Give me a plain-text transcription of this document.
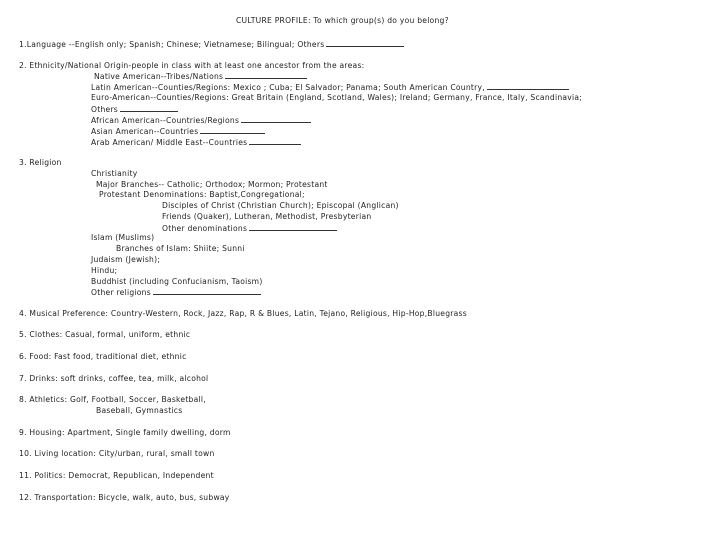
CULTURE PROFILE: To which group(s) do you belong?
1.Language --English only; Spanish; Chinese; Vietnamese; Bilingual; Others
2. Ethnicity/National Origin-people in class with at least one ancestor from the areas:
Native American--Tribes/Nations
Latin American--Counties/Regions: Mexico ; Cuba; El Salvador; Panama; South American Country,
Euro-American--Counties/Regions: Great Britain (England, Scotland, Wales); Ireland; Germany, France, Italy, Scandinavia;
Others
African American--Countries/Regions
Asian American--Countries
Arab American/ Middle East--Countries
3. Religion
Christianity
Major Branches-- Catholic; Orthodox; Mormon; Protestant
Protestant Denominations: Baptist,Congregational;
Disciples of Christ (Christian Church); Episcopal (Anglican)
Friends (Quaker), Lutheran, Methodist, Presbyterian
Other denominations
Islam (Muslims)
Branches of Islam: Shiite; Sunni
Judaism (Jewish);
Hindu;
Buddhist (including Confucianism, Taoism)
Other religions
4. Musical Preference: Country-Western, Rock, Jazz, Rap, R & Blues, Latin, Tejano, Religious, Hip-Hop,Bluegrass
5. Clothes: Casual, formal, uniform, ethnic
6. Food: Fast food, traditional diet, ethnic
7. Drinks: soft drinks, coffee, tea, milk, alcohol
8. Athletics: Golf, Football, Soccer, Basketball,
Baseball, Gymnastics
9. Housing: Apartment, Single family dwelling, dorm
10. Living location: City/urban, rural, small town
11. Politics: Democrat, Republican, Independent
12. Transportation: Bicycle, walk, auto, bus, subway
